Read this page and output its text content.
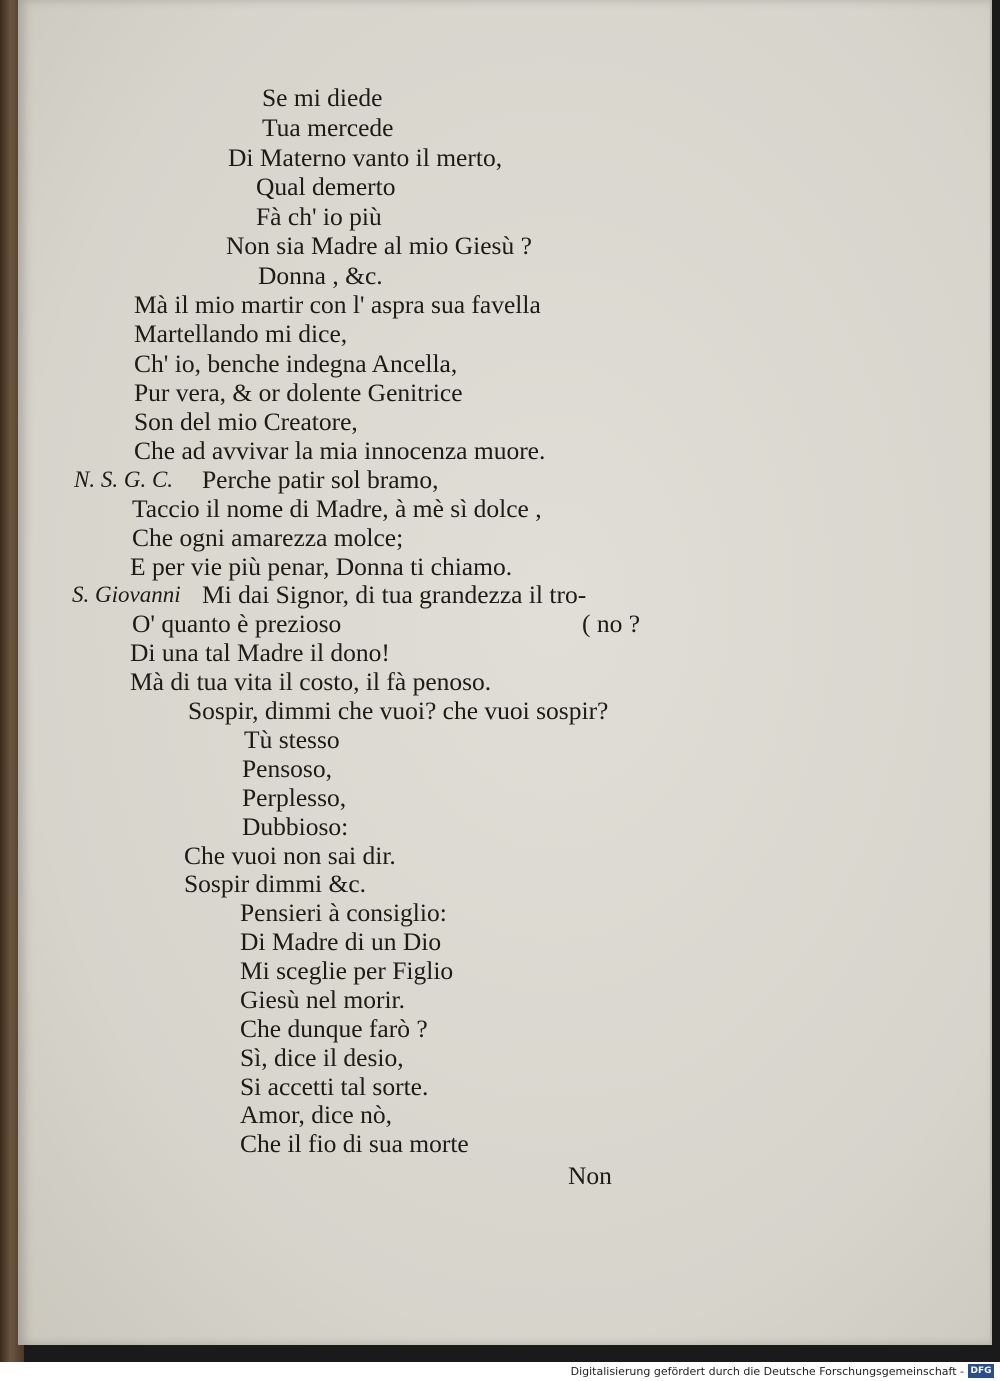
Se mi diede

Tua mercede

Di Materno vanto il merto,

Qual demerto

Fà ch' io più

Non sia Madre al mio Giesù ?

Donna , &c.

Mà il mio martir con l' aspra sua favella

Martellando mi dice,

Ch' io, benche indegna Ancella,

Pur vera, & or dolente Genitrice

Son del mio Creatore,

Che ad avvivar la mia innocenza muore.

N. S. G. C. Perche patir sol bramo,

Taccio il nome di Madre, à mè sì dolce ,

Che ogni amarezza molce;

E per vie più penar, Donna ti chiamo.

S. Giovanni Mi dai Signor, di tua grandezza il tro-

O' quanto è prezioso	( no ?

Di una tal Madre il dono!

Mà di tua vita il costo, il fà penoso.

Sospir, dimmi che vuoi? che vuoi sospir?

Tù stesso

Pensoso,

Perplesso,

Dubbioso:

Che vuoi non sai dir.

Sospir dimmi &c.

Pensieri à consiglio:

Di Madre di un Dio

Mi sceglie per Figlio

Giesù nel morir.

Che dunque farò ?

Sì, dice il desio,

Si accetti tal sorte.

Amor, dice nò,

Che il fio di sua morte

Non
Digitalisierung gefördert durch die Deutsche Forschungsgemeinschaft - DFG
